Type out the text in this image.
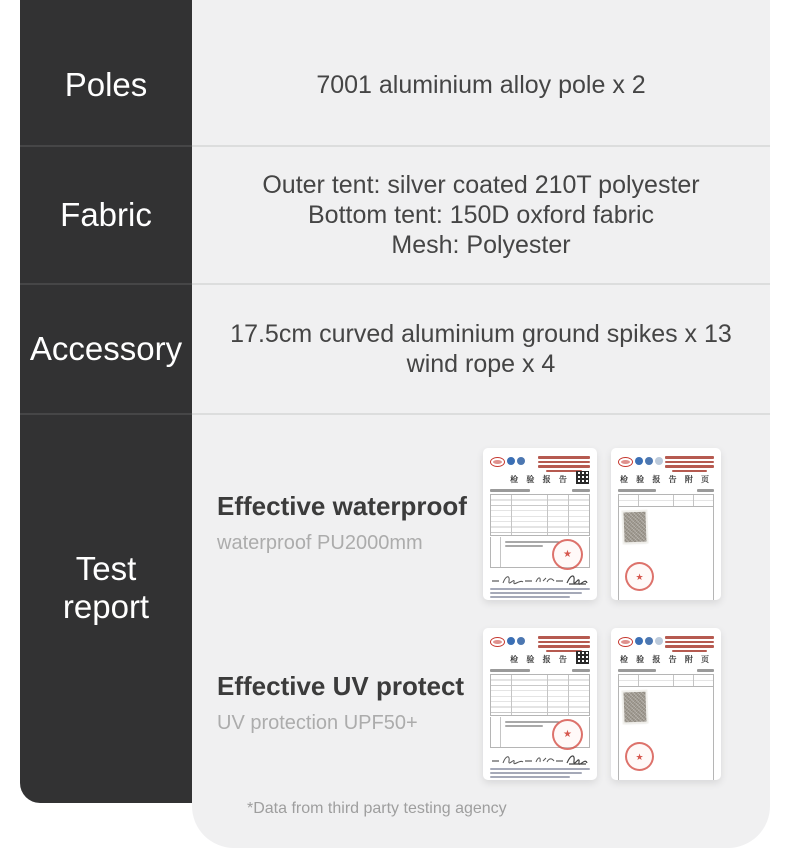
Poles
Fabric
Accessory
Test
report
7001 aluminium alloy pole x 2
Outer tent: silver coated 210T polyester
Bottom tent: 150D oxford fabric
Mesh: Polyester
17.5cm curved aluminium ground spikes x 13
wind rope x 4
Effective waterproof
waterproof PU2000mm
检 验 报 告
★	检 验 报 告 附 页
★
Effective UV protect
UV protection UPF50+
检 验 报 告
★	检 验 报 告 附 页
★
*Data from third party testing agency
